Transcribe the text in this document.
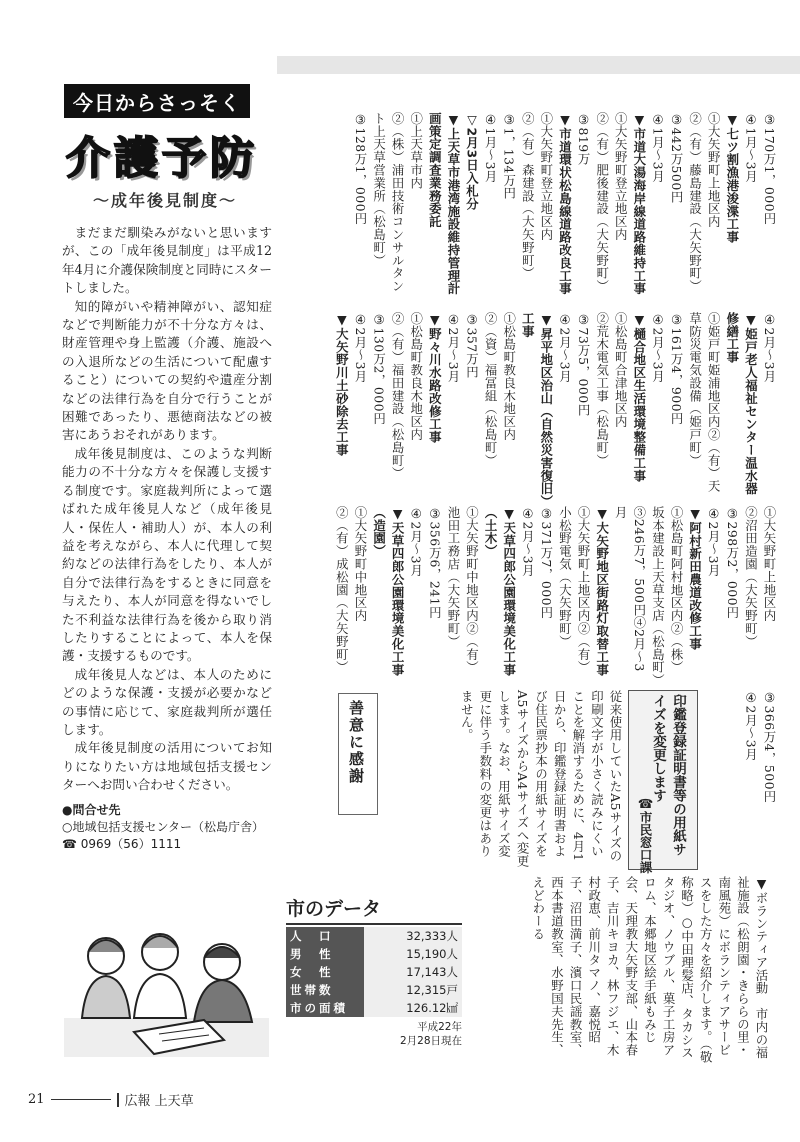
今日からさっそく
介護予防
～成年後見制度～

まだまだ馴染みがないと思いますが、この「成年後見制度」は平成12年4月に介護保険制度と同時にスタートしました。

知的障がいや精神障がい、認知症などで判断能力が不十分な方々は、財産管理や身上監護（介護、施設への入退所などの生活について配慮すること）についての契約や遺産分割などの法律行為を自分で行うことが困難であったり、悪徳商法などの被害にあうおそれがあります。

成年後見制度は、このような判断能力の不十分な方々を保護し支援する制度です。家庭裁判所によって選ばれた成年後見人など（成年後見人・保佐人・補助人）が、本人の利益を考えながら、本人に代理して契約などの法律行為をしたり、本人が自分で法律行為をするときに同意を与えたり、本人が同意を得ないでした不利益な法律行為を後から取り消したりすることによって、本人を保護・支援するものです。

成年後見人などは、本人のためにどのような保護・支援が必要かなどの事情に応じて、家庭裁判所が選任します。

成年後見制度の活用についてお知りになりたい方は地域包括支援センターへお問い合わせください。

●問合せ先
○地域包括支援センター（松島庁舎）
☎ 0969（56）1111
市のデータ
人　口	32,333人
男　性	15,190人
女　性	17,143人
世帯数	12,315戸
市の面積	126.12㎢
平成22年
2月28日現在
印鑑登録証明書等の用紙サイズを変更します
☎市民窓口課
従来使用していたA5サイズの印刷文字が小さく読みにくいことを解消するために、4月1日から、印鑑登録証明書および住民票抄本の用紙サイズをA5サイズからA4サイズへ変更します。なお、用紙サイズ変更に伴う手数料の変更はありません。
善意に感謝
▼ボランティア活動　市内の福祉施設（松朗園・きららの里・南風苑）にボランティアサービスをした方々を紹介します。（敬称略）○中田理髪店、タカシスタジオ、ノウブル、菓子工房アロム、本郷地区絵手紙もみじ会、天理教大矢野支部、山本春子、吉川キヨカ、林フジエ、木村政恵、前川タマノ、嘉悦昭子、沼田満子、濱口民謡教室、西本書道教室、水野国夫先生、えどわーる
21	広報 上天草

③170万1，000円

④1月～3月

▼七ツ割漁港浚渫工事

①大矢野町上地区内

②（有）藤島建設（大矢野町）

③442万500円

④1月～3月

▼市道大湯海岸線道路維持工事

①大矢野町登立地区内

②（有）肥後建設（大矢野町）

③819万

▼市道環状松島線道路改良工事

①大矢野町登立地区内

②（有）森建設（大矢野町）

③1，134万円

④1月～3月

▽2月3日入札分

▼上天草市港湾施設維持管理計画策定調査業務委託

①上天草市内

②（株）浦田技術コンサルタント上天草営業所（松島町）

③128万1，000円

④2月～3月

▼姫戸老人福祉センター温水器修繕工事

①姫戸町姫浦地区内②（有）天草防災電気設備（姫戸町）

③161万4，900円

④2月～3月

▼樋合地区生活環境整備工事

①松島町合津地区内

②荒木電気工事（松島町）

③73万5，000円

④2月～3月

▼昇平地区治山（自然災害復旧）工事

①松島町教良木地区内

②（資）福冨組（松島町）

③357万円

④2月～3月

▼野々川水路改修工事

①松島町教良木地区内

②（有）福田建設（松島町）

③130万2，000円

④2月～3月

▼大矢野川土砂除去工事

①大矢野町上地区内

②沼田造園（大矢野町）

③298万2，000円

④2月～3月

▼阿村新田農道改修工事

①松島町阿村地区内②（株）坂本建設上天草支店（松島町）③246万7，500円④2月～3月

▼大矢野地区街路灯取替工事

①大矢野町上地区内②（有）小松野電気（大矢野町）

③371万7，000円

④2月～3月

▼天草四郎公園環境美化工事（土木）

①大矢野町中地区内②（有）池田工務店（大矢野町）

③356万6，241円

④2月～3月

▼天草四郎公園環境美化工事（造園）

①大矢野町中地区内

②（有）成松園（大矢野町）

③366万4，500円

④2月～3月
